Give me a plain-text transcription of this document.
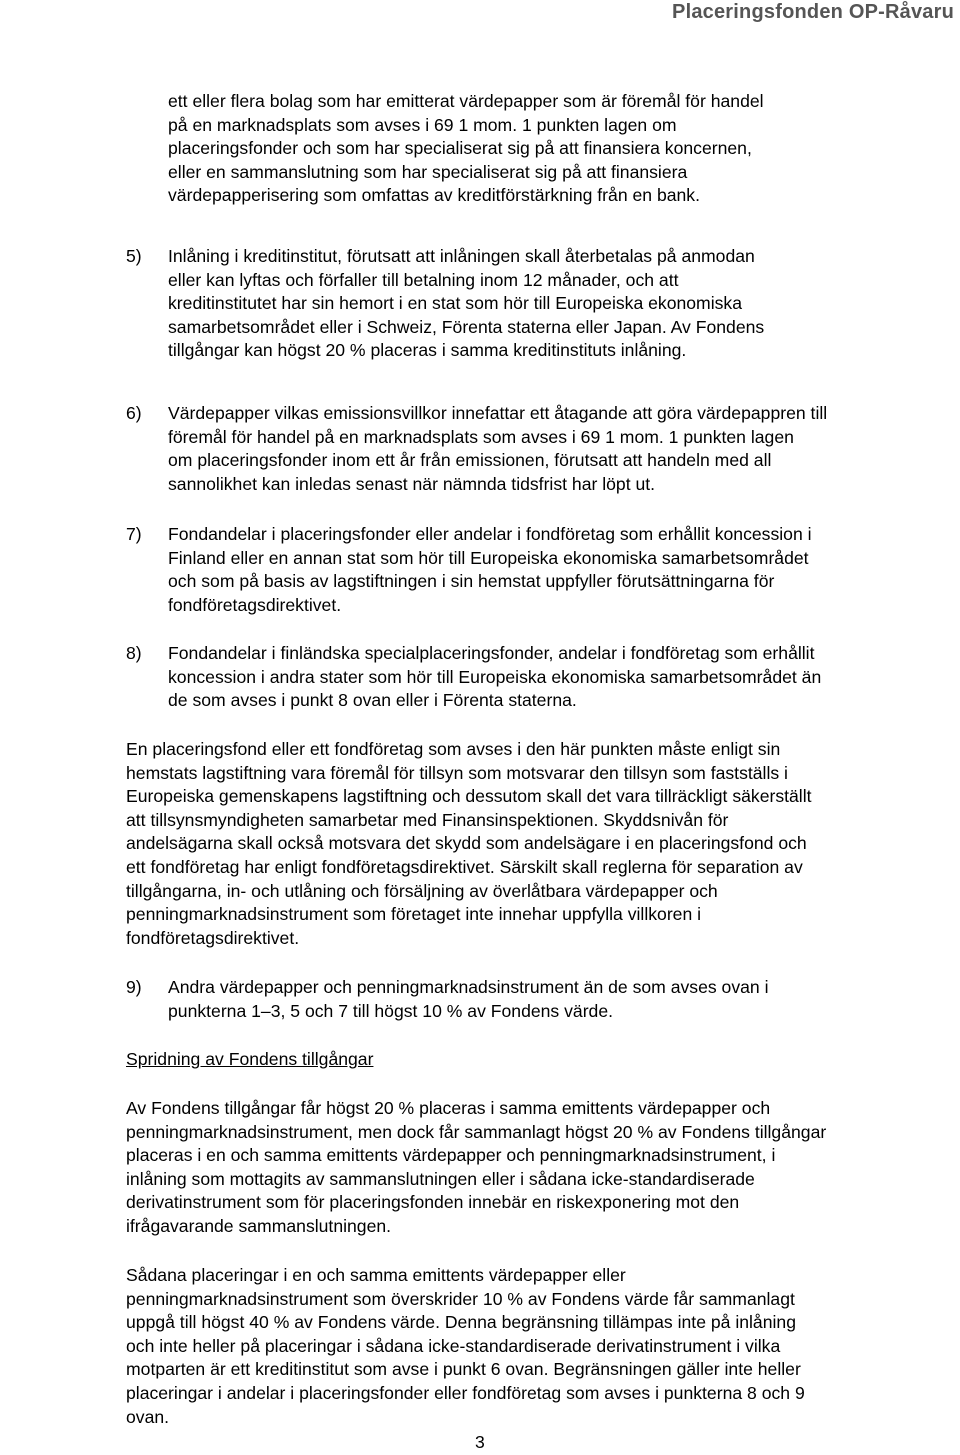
Placeringsfonden OP-Råvaru
ett eller flera bolag som har emitterat värdepapper som är föremål för handel
på en marknadsplats som avses i 69 1 mom. 1 punkten lagen om
placeringsfonder och som har specialiserat sig på att finansiera koncernen,
eller en sammanslutning som har specialiserat sig på att finansiera
värdepapperisering som omfattas av kreditförstärkning från en bank.
5) Inlåning i kreditinstitut, förutsatt att inlåningen skall återbetalas på anmodan
eller kan lyftas och förfaller till betalning inom 12 månader, och att
kreditinstitutet har sin hemort i en stat som hör till Europeiska ekonomiska
samarbetsområdet eller i Schweiz, Förenta staterna eller Japan. Av Fondens
tillgångar kan högst 20 % placeras i samma kreditinstituts inlåning.
6) Värdepapper vilkas emissionsvillkor innefattar ett åtagande att göra värdepappren till
föremål för handel på en marknadsplats som avses i 69 1 mom. 1 punkten lagen
om placeringsfonder inom ett år från emissionen, förutsatt att handeln med all
sannolikhet kan inledas senast när nämnda tidsfrist har löpt ut.
7) Fondandelar i placeringsfonder eller andelar i fondföretag som erhållit koncession i
Finland eller en annan stat som hör till Europeiska ekonomiska samarbetsområdet
och som på basis av lagstiftningen i sin hemstat uppfyller förutsättningarna för
fondföretagsdirektivet.
8) Fondandelar i finländska specialplaceringsfonder, andelar i fondföretag som erhållit
koncession i andra stater som hör till Europeiska ekonomiska samarbetsområdet än
de som avses i punkt 8 ovan eller i Förenta staterna.
En placeringsfond eller ett fondföretag som avses i den här punkten måste enligt sin
hemstats lagstiftning vara föremål för tillsyn som motsvarar den tillsyn som fastställs i
Europeiska gemenskapens lagstiftning och dessutom skall det vara tillräckligt säkerställt
att tillsynsmyndigheten samarbetar med Finansinspektionen. Skyddsnivån för
andelsägarna skall också motsvara det skydd som andelsägare i en placeringsfond och
ett fondföretag har enligt fondföretagsdirektivet. Särskilt skall reglerna för separation av
tillgångarna, in- och utlåning och försäljning av överlåtbara värdepapper och
penningmarknadsinstrument som företaget inte innehar uppfylla villkoren i
fondföretagsdirektivet.
9) Andra värdepapper och penningmarknadsinstrument än de som avses ovan i
punkterna 1–3, 5 och 7 till högst 10 % av Fondens värde.
Spridning av Fondens tillgångar
Av Fondens tillgångar får högst 20 % placeras i samma emittents värdepapper och
penningmarknadsinstrument, men dock får sammanlagt högst 20 % av Fondens tillgångar
placeras i en och samma emittents värdepapper och penningmarknadsinstrument, i
inlåning som mottagits av sammanslutningen eller i sådana icke-standardiserade
derivatinstrument som för placeringsfonden innebär en riskexponering mot den
ifrågavarande sammanslutningen.
Sådana placeringar i en och samma emittents värdepapper eller
penningmarknadsinstrument som överskrider 10 % av Fondens värde får sammanlagt
uppgå till högst 40 % av Fondens värde. Denna begränsning tillämpas inte på inlåning
och inte heller på placeringar i sådana icke-standardiserade derivatinstrument i vilka
motparten är ett kreditinstitut som avse i punkt 6 ovan. Begränsningen gäller inte heller
placeringar i andelar i placeringsfonder eller fondföretag som avses i punkterna 8 och 9
ovan.
3
